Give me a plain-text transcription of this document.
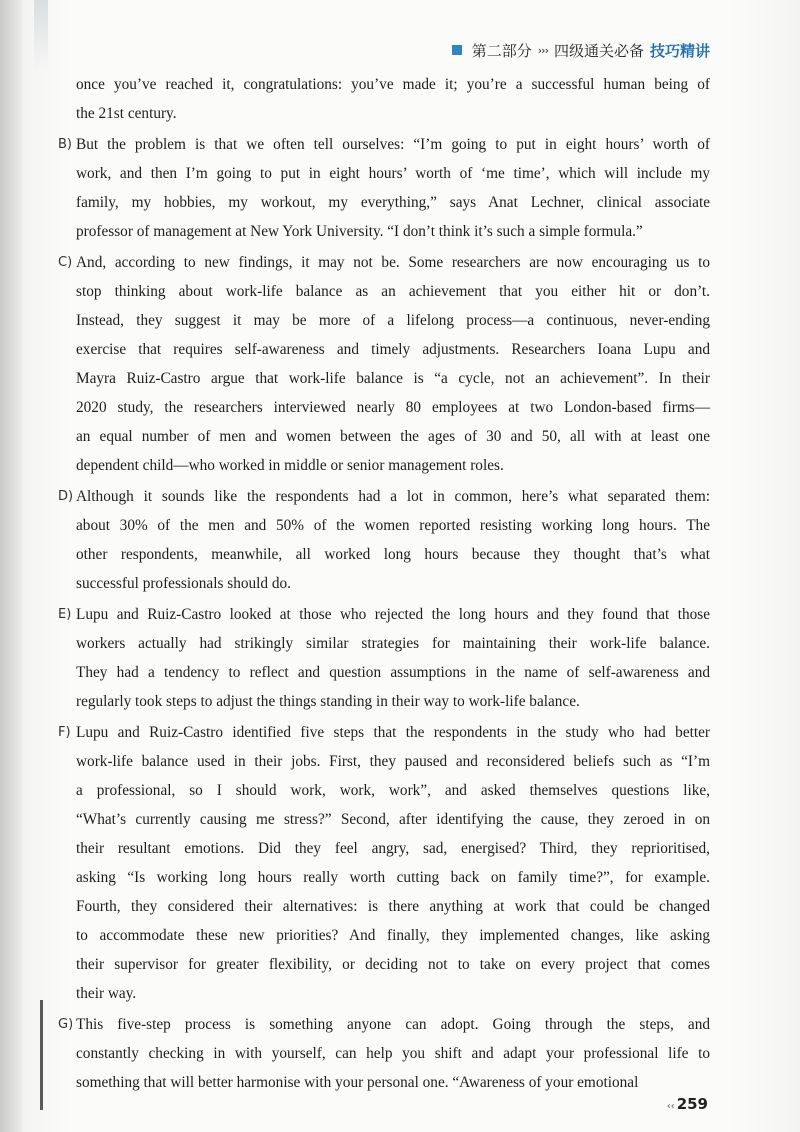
第二部分 ››› 四级通关必备 技巧精讲
once you’ve reached it, congratulations: you’ve made it; you’re a successful human being of
the 21st century.
B) But the problem is that we often tell ourselves: “I’m going to put in eight hours’ worth of
work, and then I’m going to put in eight hours’ worth of ‘me time’, which will include my
family, my hobbies, my workout, my everything,” says Anat Lechner, clinical associate
professor of management at New York University. “I don’t think it’s such a simple formula.”
C) And, according to new findings, it may not be. Some researchers are now encouraging us to
stop thinking about work-life balance as an achievement that you either hit or don’t.
Instead, they suggest it may be more of a lifelong process—a continuous, never-ending
exercise that requires self-awareness and timely adjustments. Researchers Ioana Lupu and
Mayra Ruiz-Castro argue that work-life balance is “a cycle, not an achievement”. In their
2020 study, the researchers interviewed nearly 80 employees at two London-based firms—
an equal number of men and women between the ages of 30 and 50, all with at least one
dependent child—who worked in middle or senior management roles.
D) Although it sounds like the respondents had a lot in common, here’s what separated them:
about 30% of the men and 50% of the women reported resisting working long hours. The
other respondents, meanwhile, all worked long hours because they thought that’s what
successful professionals should do.
E) Lupu and Ruiz-Castro looked at those who rejected the long hours and they found that those
workers actually had strikingly similar strategies for maintaining their work-life balance.
They had a tendency to reflect and question assumptions in the name of self-awareness and
regularly took steps to adjust the things standing in their way to work-life balance.
F) Lupu and Ruiz-Castro identified five steps that the respondents in the study who had better
work-life balance used in their jobs. First, they paused and reconsidered beliefs such as “I’m
a professional, so I should work, work, work”, and asked themselves questions like,
“What’s currently causing me stress?” Second, after identifying the cause, they zeroed in on
their resultant emotions. Did they feel angry, sad, energised? Third, they reprioritised,
asking “Is working long hours really worth cutting back on family time?”, for example.
Fourth, they considered their alternatives: is there anything at work that could be changed
to accommodate these new priorities? And finally, they implemented changes, like asking
their supervisor for greater flexibility, or deciding not to take on every project that comes
their way.
G) This five-step process is something anyone can adopt. Going through the steps, and
constantly checking in with yourself, can help you shift and adapt your professional life to
something that will better harmonise with your personal one. “Awareness of your emotional
‹‹ 259
